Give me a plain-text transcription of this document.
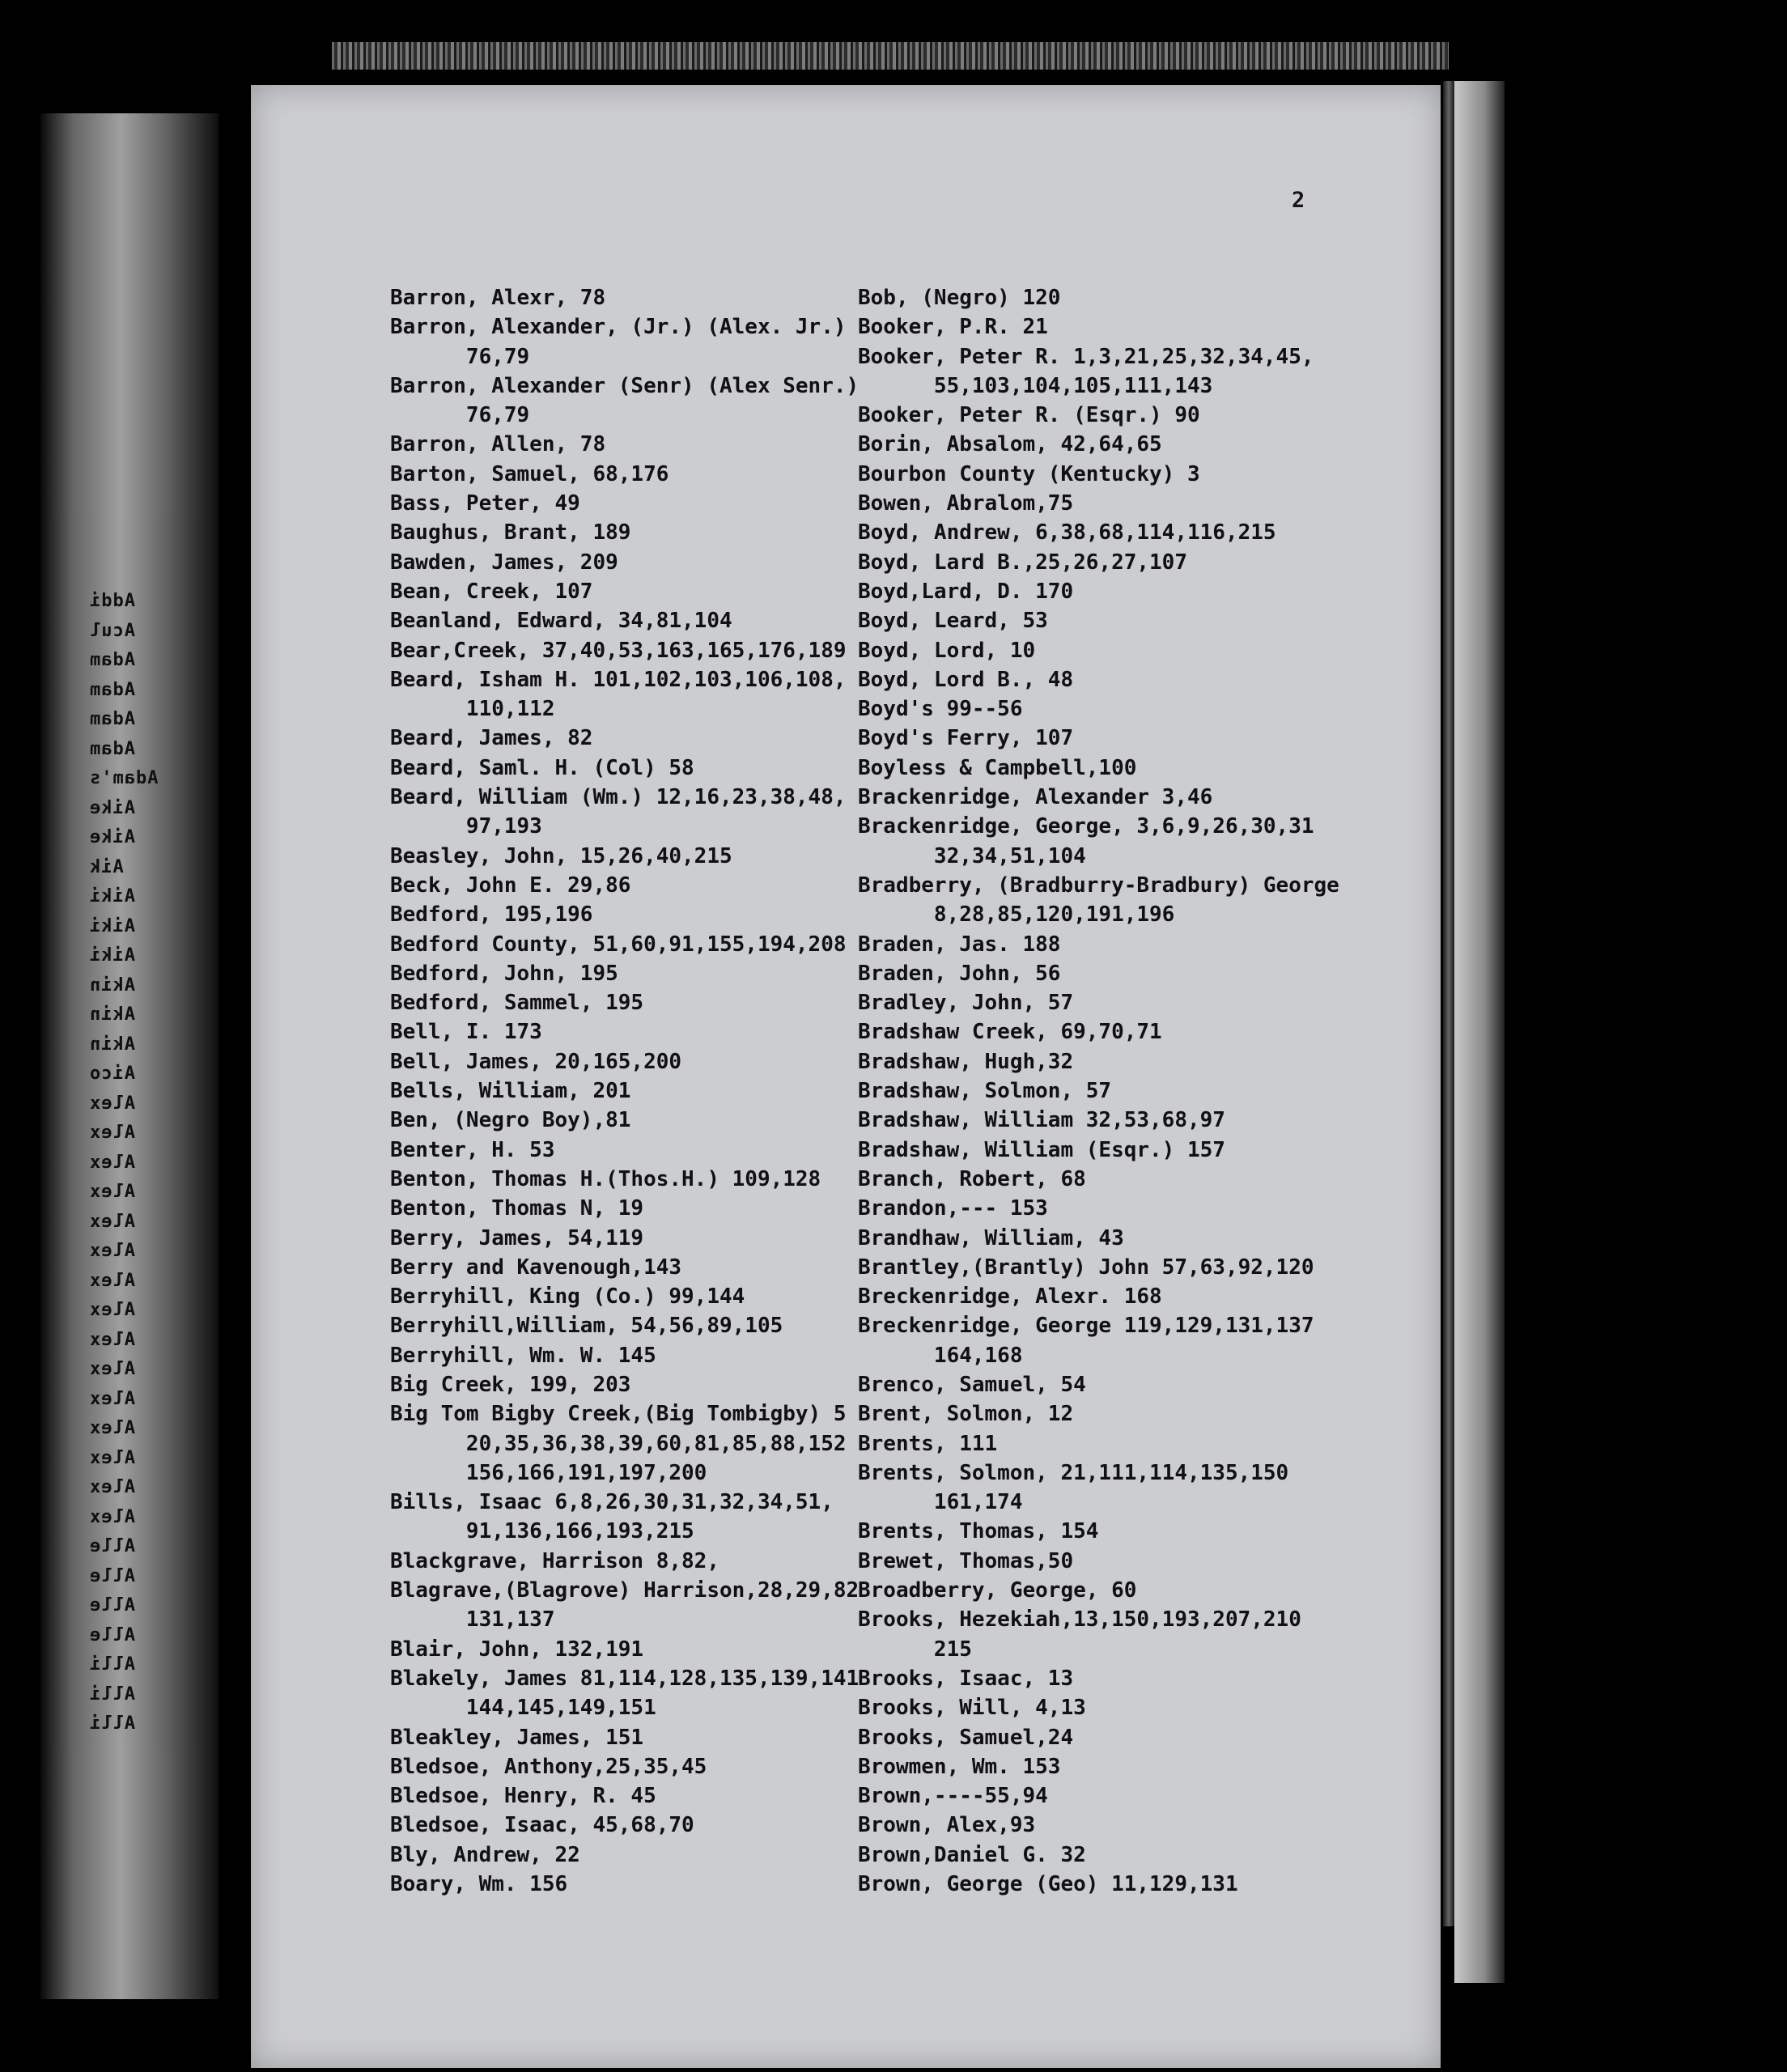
Addi
Acul
Adam
Adam
Adam
Adam
Adam's
Aike
Aike
Aik
Aiki
Aiki
Aiki
Akin
Akin
Akin
Aico
Alex
Alex
Alex
Alex
Alex
Alex
Alex
Alex
Alex
Alex
Alex
Alex
Alex
Alex
Alex
Alle
Alle
Alle
Alle
Alli
Alli
Alli
2
Barron, Alexr, 78
Barron, Alexander, (Jr.) (Alex. Jr.)
76,79
Barron, Alexander (Senr) (Alex Senr.)
76,79
Barron, Allen, 78
Barton, Samuel, 68,176
Bass, Peter, 49
Baughus, Brant, 189
Bawden, James, 209
Bean, Creek, 107
Beanland, Edward, 34,81,104
Bear,Creek, 37,40,53,163,165,176,189
Beard, Isham H. 101,102,103,106,108,
110,112
Beard, James, 82
Beard, Saml. H. (Col) 58
Beard, William (Wm.) 12,16,23,38,48,
97,193
Beasley, John, 15,26,40,215
Beck, John E. 29,86
Bedford, 195,196
Bedford County, 51,60,91,155,194,208
Bedford, John, 195
Bedford, Sammel, 195
Bell, I. 173
Bell, James, 20,165,200
Bells, William, 201
Ben, (Negro Boy),81
Benter, H. 53
Benton, Thomas H.(Thos.H.) 109,128
Benton, Thomas N, 19
Berry, James, 54,119
Berry and Kavenough,143
Berryhill, King (Co.) 99,144
Berryhill,William, 54,56,89,105
Berryhill, Wm. W. 145
Big Creek, 199, 203
Big Tom Bigby Creek,(Big Tombigby) 5
20,35,36,38,39,60,81,85,88,152
156,166,191,197,200
Bills, Isaac 6,8,26,30,31,32,34,51,
91,136,166,193,215
Blackgrave, Harrison 8,82,
Blagrave,(Blagrove) Harrison,28,29,82
131,137
Blair, John, 132,191
Blakely, James 81,114,128,135,139,141
144,145,149,151
Bleakley, James, 151
Bledsoe, Anthony,25,35,45
Bledsoe, Henry, R. 45
Bledsoe, Isaac, 45,68,70
Bly, Andrew, 22
Boary, Wm. 156
Bob, (Negro) 120
Booker, P.R. 21
Booker, Peter R. 1,3,21,25,32,34,45,
55,103,104,105,111,143
Booker, Peter R. (Esqr.) 90
Borin, Absalom, 42,64,65
Bourbon County (Kentucky) 3
Bowen, Abralom,75
Boyd, Andrew, 6,38,68,114,116,215
Boyd, Lard B.,25,26,27,107
Boyd,Lard, D. 170
Boyd, Leard, 53
Boyd, Lord, 10
Boyd, Lord B., 48
Boyd's 99--56
Boyd's Ferry, 107
Boyless & Campbell,100
Brackenridge, Alexander 3,46
Brackenridge, George, 3,6,9,26,30,31
32,34,51,104
Bradberry, (Bradburry-Bradbury) George
8,28,85,120,191,196
Braden, Jas. 188
Braden, John, 56
Bradley, John, 57
Bradshaw Creek, 69,70,71
Bradshaw, Hugh,32
Bradshaw, Solmon, 57
Bradshaw, William 32,53,68,97
Bradshaw, William (Esqr.) 157
Branch, Robert, 68
Brandon,--- 153
Brandhaw, William, 43
Brantley,(Brantly) John 57,63,92,120
Breckenridge, Alexr. 168
Breckenridge, George 119,129,131,137
164,168
Brenco, Samuel, 54
Brent, Solmon, 12
Brents, 111
Brents, Solmon, 21,111,114,135,150
161,174
Brents, Thomas, 154
Brewet, Thomas,50
Broadberry, George, 60
Brooks, Hezekiah,13,150,193,207,210
215
Brooks, Isaac, 13
Brooks, Will, 4,13
Brooks, Samuel,24
Browmen, Wm. 153
Brown,----55,94
Brown, Alex,93
Brown,Daniel G. 32
Brown, George (Geo) 11,129,131
